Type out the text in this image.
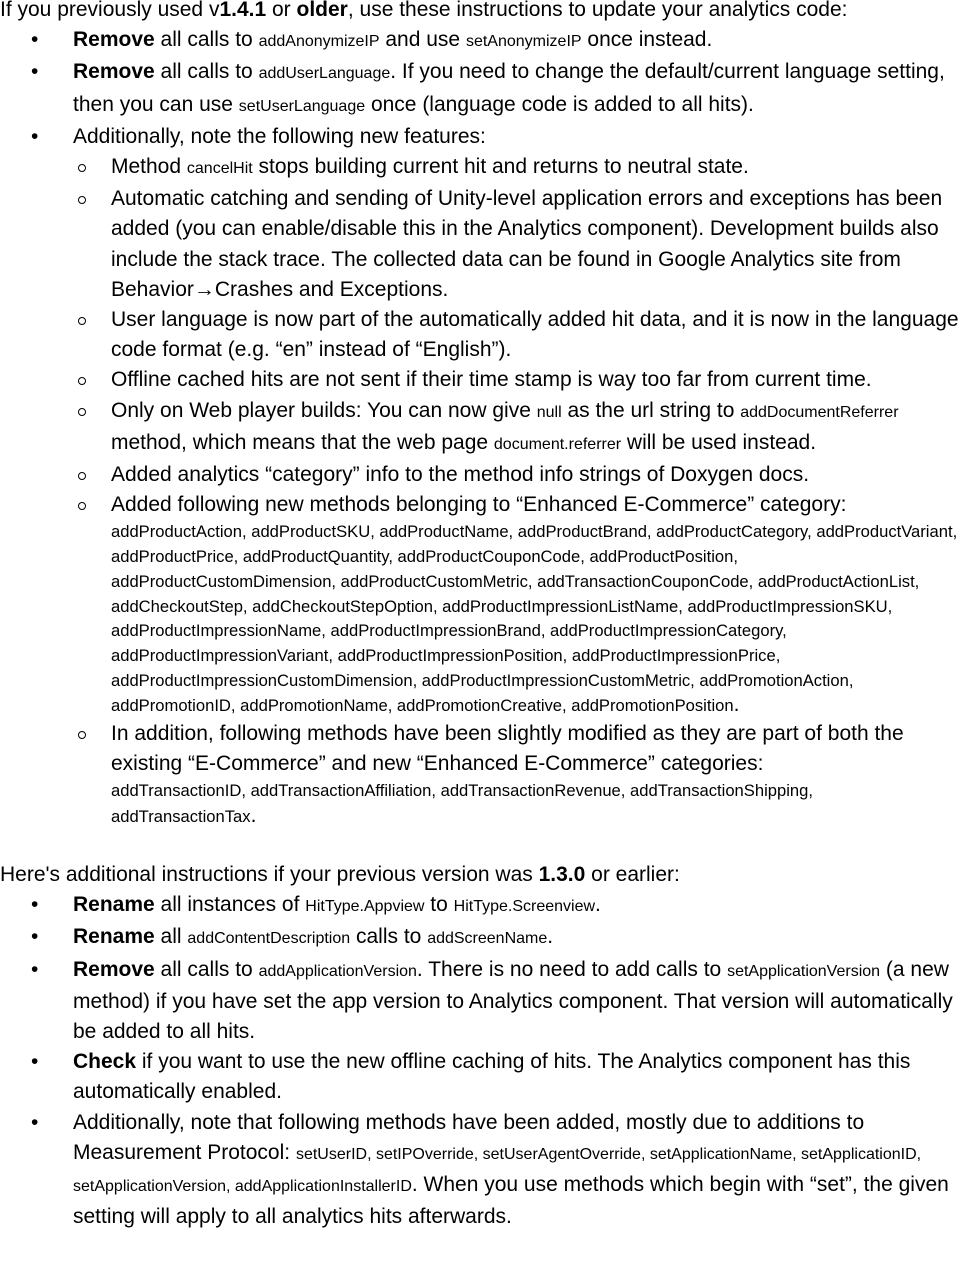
If you previously used v1.4.1 or older, use these instructions to update your analytics code:

• Remove all calls to addAnonymizeIP and use setAnonymizeIP once instead.
• Remove all calls to addUserLanguage. If you need to change the default/current language setting, then you can use setUserLanguage once (language code is added to all hits).
• Additionally, note the following new features:
Method cancelHit stops building current hit and returns to neutral state.
Automatic catching and sending of Unity-level application errors and exceptions has been added (you can enable/disable this in the Analytics component). Development builds also include the stack trace. The collected data can be found in Google Analytics site from Behavior→Crashes and Exceptions.
User language is now part of the automatically added hit data, and it is now in the language code format (e.g. “en” instead of “English”).
Offline cached hits are not sent if their time stamp is way too far from current time.
Only on Web player builds: You can now give null as the url string to addDocumentReferrer method, which means that the web page document.referrer will be used instead.
Added analytics “category” info to the method info strings of Doxygen docs.
Added following new methods belonging to “Enhanced E-Commerce” category:
addProductAction, addProductSKU, addProductName, addProductBrand, addProductCategory, addProductVariant, addProductPrice, addProductQuantity, addProductCouponCode, addProductPosition, addProductCustomDimension, addProductCustomMetric, addTransactionCouponCode, addProductActionList, addCheckoutStep, addCheckoutStepOption, addProductImpressionListName, addProductImpressionSKU, addProductImpressionName, addProductImpressionBrand, addProductImpressionCategory, addProductImpressionVariant, addProductImpressionPosition, addProductImpressionPrice, addProductImpressionCustomDimension, addProductImpressionCustomMetric, addPromotionAction, addPromotionID, addPromotionName, addPromotionCreative, addPromotionPosition.
In addition, following methods have been slightly modified as they are part of both the existing “E-Commerce” and new “Enhanced E-Commerce” categories:
addTransactionID, addTransactionAffiliation, addTransactionRevenue, addTransactionShipping, addTransactionTax.

Here's additional instructions if your previous version was 1.3.0 or earlier:

• Rename all instances of HitType.Appview to HitType.Screenview.
• Rename all addContentDescription calls to addScreenName.
• Remove all calls to addApplicationVersion. There is no need to add calls to setApplicationVersion (a new method) if you have set the app version to Analytics component. That version will automatically be added to all hits.
• Check if you want to use the new offline caching of hits. The Analytics component has this automatically enabled.
• Additionally, note that following methods have been added, mostly due to additions to Measurement Protocol: setUserID, setIPOverride, setUserAgentOverride, setApplicationName, setApplicationID, setApplicationVersion, addApplicationInstallerID. When you use methods which begin with “set”, the given setting will apply to all analytics hits afterwards.
